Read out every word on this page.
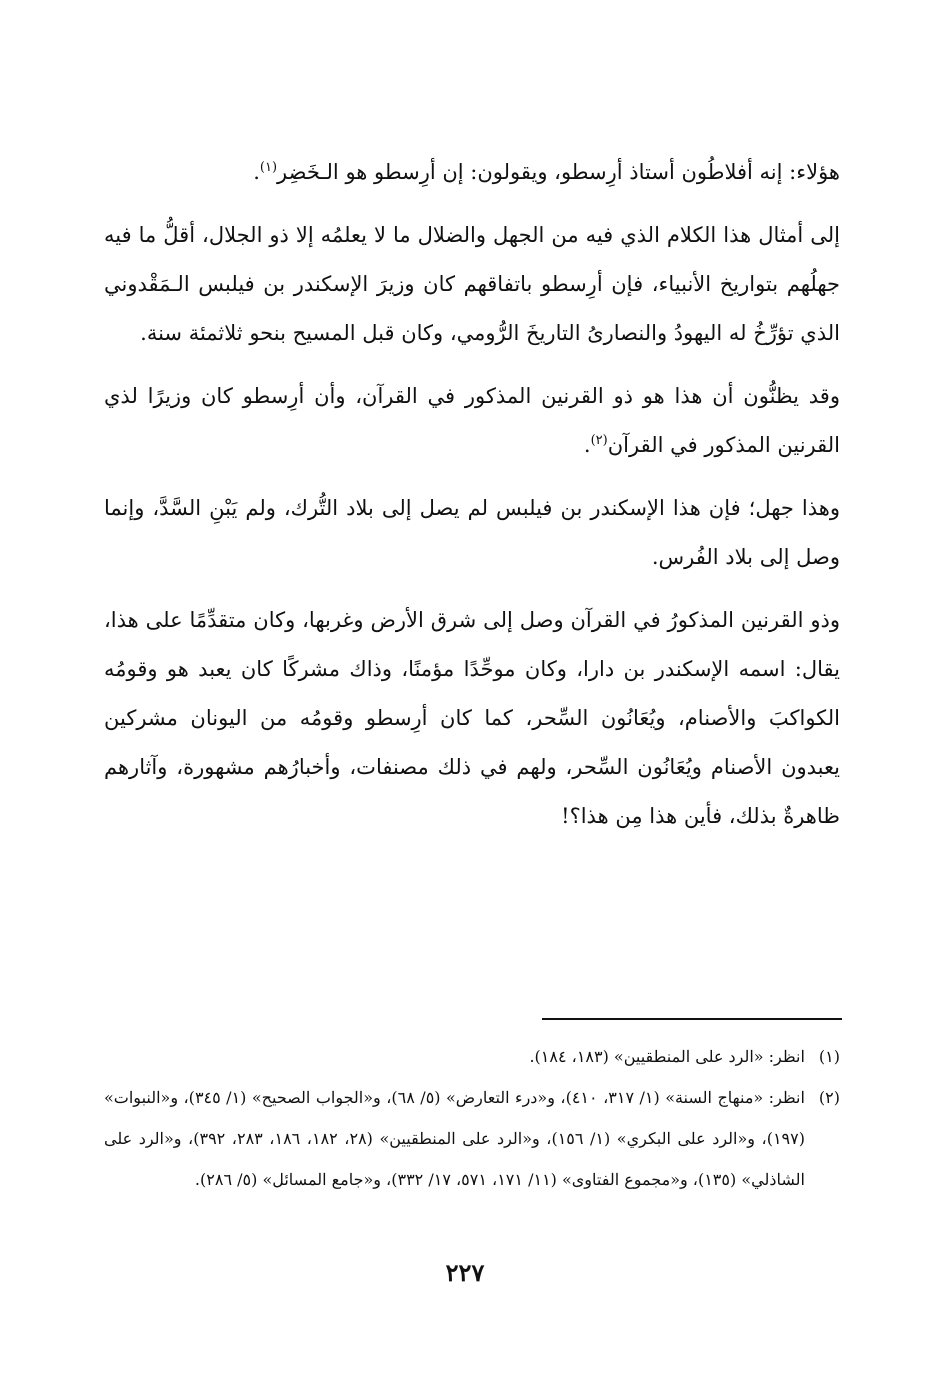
هؤلاء: إنه أفلاطُون أستاذ أرِسطو، ويقولون: إن أرِسطو هو الـخَضِر$^{(١)}$.

إلى أمثال هذا الكلام الذي فيه من الجهل والضلال ما لا يعلمُه إلا ذو الجلال، أقلُّ ما فيه جهلُهم بتواريخ الأنبياء، فإن أرِسطو باتفاقهم كان وزيرَ الإسكندر بن فيلبس الـمَقْدوني الذي تؤرِّخُ له اليهودُ والنصارىُ التاريخَ الرُّومي، وكان قبل المسيح بنحو ثلاثمئة سنة.

وقد يظنُّون أن هذا هو ذو القرنين المذكور في القرآن، وأن أرِسطو كان وزيرًا لذي القرنين المذكور في القرآن$^{(٢)}$.

وهذا جهل؛ فإن هذا الإسكندر بن فيلبس لم يصل إلى بلاد التُّرك، ولم يَبْنِ السَّدَّ، وإنما وصل إلى بلاد الفُرس.

وذو القرنين المذكورُ في القرآن وصل إلى شرق الأرض وغربها، وكان متقدِّمًا على هذا، يقال: اسمه الإسكندر بن دارا، وكان موحِّدًا مؤمنًا، وذاك مشركًا كان يعبد هو وقومُه الكواكبَ والأصنام، ويُعَانُون السِّحر، كما كان أرِسطو وقومُه من اليونان مشركين يعبدون الأصنام ويُعَانُون السِّحر، ولهم في ذلك مصنفات، وأخبارُهم مشهورة، وآثارهم ظاهرةٌ بذلك، فأين هذا مِن هذا؟!

(١)
انظر: «الرد على المنطقيين» (١٨٣، ١٨٤).
(٢)
انظر: «منهاج السنة» (١/ ٣١٧، ٤١٠)، و«درء التعارض» (٥/ ٦٨)، و«الجواب الصحيح» (١/ ٣٤٥)، و«النبوات» (١٩٧)، و«الرد على البكري» (١/ ١٥٦)، و«الرد على المنطقيين» (٢٨، ١٨٢، ١٨٦، ٢٨٣، ٣٩٢)، و«الرد على الشاذلي» (١٣٥)، و«مجموع الفتاوى» (١١/ ١٧١، ٥٧١، ١٧/ ٣٣٢)، و«جامع المسائل» (٥/ ٢٨٦).
٢٢٧
